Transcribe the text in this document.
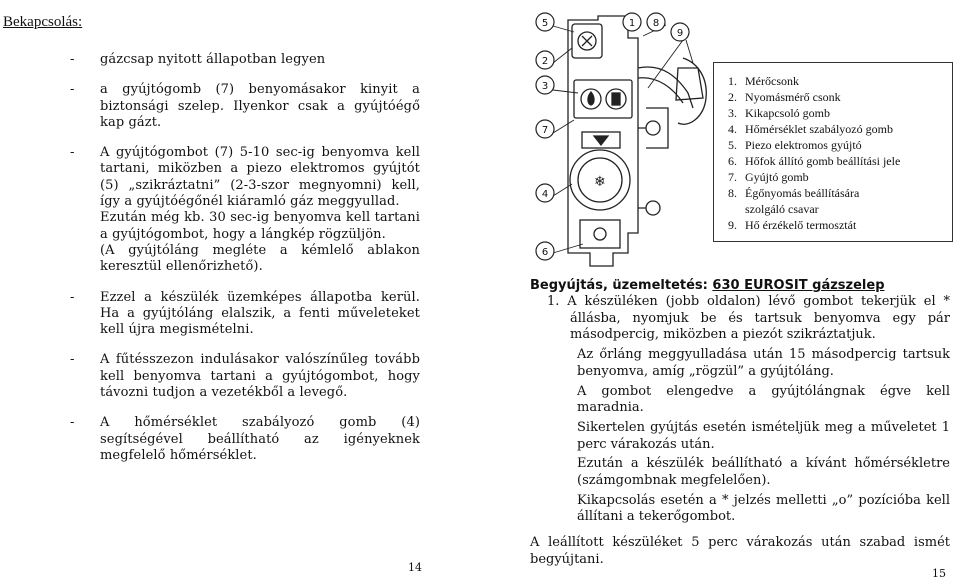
Bekapcsolás:
- gázcsap nyitott állapotban legyen
- a gyújtógomb (7) benyomásakor kinyit a biztonsági szelep. Ilyenkor csak a gyújtóégő kap gázt.
- A gyújtógombot (7) 5-10 sec-ig benyomva kell tartani, miközben a piezo elektromos gyújtót (5) „szikráztatni” (2-3-szor megnyomni) kell, így a gyújtóégőnél kiáramló gáz meggyullad.
Ezután még kb. 30 sec-ig benyomva kell tartani a gyújtógombot, hogy a lángkép rögzüljön.
(A gyújtóláng megléte a kémlelő ablakon keresztül ellenőrizhető).
- Ezzel a készülék üzemképes állapotba kerül. Ha a gyújtóláng elalszik, a fenti műveleteket kell újra megismételni.
- A fűtésszezon indulásakor valószínűleg tovább kell benyomva tartani a gyújtógombot, hogy távozni tudjon a vezetékből a levegő.
- A hőmérséklet szabályozó gomb (4) segítségével beállítható az igényeknek megfelelő hőmérséklet.
14
❄
5
2
3
7
4
6
1 8
9
1. Mérőcsonk
2. Nyomásmérő csonk
3. Kikapcsoló gomb
4. Hőmérséklet szabályozó gomb
5. Piezo elektromos gyújtó
6. Hőfok állító gomb beállítási jele
7. Gyújtó gomb
8. Égőnyomás beállítására
szolgáló csavar
9. Hő érzékelő termosztát
Begyújtás, üzemeltetés: 630 EUROSIT gázszelep
1. A készüléken (jobb oldalon) lévő gombot tekerjük el * állásba, nyomjuk be és tartsuk benyomva egy pár másodpercig, miközben a piezót szikráztatjuk.
Az őrláng meggyulladása után 15 másodpercig tartsuk benyomva, amíg „rögzül” a gyújtóláng.
A gombot elengedve a gyújtólángnak égve kell maradnia.
Sikertelen gyújtás esetén ismételjük meg a műveletet 1 perc várakozás után.
Ezután a készülék beállítható a kívánt hőmérsékletre (számgombnak megfelelően).
Kikapcsolás esetén a * jelzés melletti „o” pozícióba kell állítani a tekerőgombot.

A leállított készüléket 5 perc várakozás után szabad ismét begyújtani.

15
